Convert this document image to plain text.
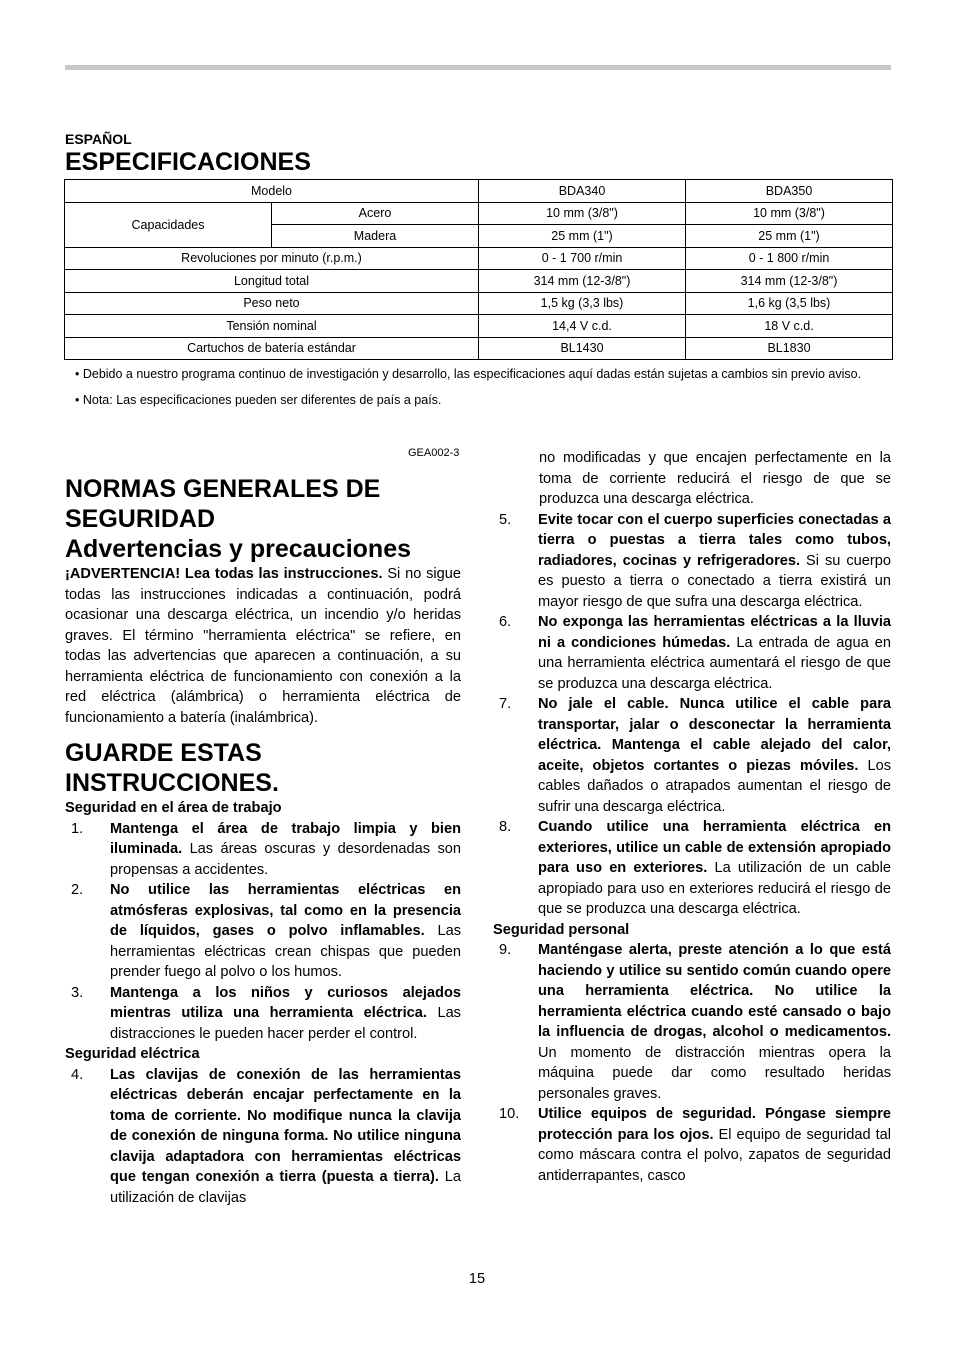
ESPAÑOL
ESPECIFICACIONES
Modelo		BDA340	BDA350
Capacidades	Acero	10 mm (3/8")	10 mm (3/8")
	Madera	25 mm (1")	25 mm (1")
Revoluciones por minuto (r.p.m.)		0 - 1 700 r/min	0 - 1 800 r/min
Longitud total		314 mm (12-3/8")	314 mm (12-3/8")
Peso neto		1,5 kg (3,3 lbs)	1,6 kg (3,5 lbs)
Tensión nominal		14,4 V c.d.	18 V c.d.
Cartuchos de batería estándar		BL1430	BL1830

• Debido a nuestro programa continuo de investigación y desarrollo, las especificaciones aquí dadas están sujetas a cambios sin previo aviso.

• Nota: Las especificaciones pueden ser diferentes de país a país.

GEA002-3
NORMAS GENERALES DE SEGURIDAD
Advertencias y precauciones

¡ADVERTENCIA! Lea todas las instrucciones. Si no sigue todas las instrucciones indicadas a continuación, podrá ocasionar una descarga eléctrica, un incendio y/o heridas graves. El término "herramienta eléctrica" se refiere, en todas las advertencias que aparecen a continuación, a su herramienta eléctrica de funcionamiento con conexión a la red eléctrica (alámbrica) o herramienta eléctrica de funcionamiento a batería (inalámbrica).

GUARDE ESTAS INSTRUCCIONES.

Seguridad en el área de trabajo

1.	Mantenga el área de trabajo limpia y bien iluminada. Las áreas oscuras y desordenadas son propensas a accidentes.

2.	No utilice las herramientas eléctricas en atmósferas explosivas, tal como en la presencia de líquidos, gases o polvo inflamables. Las herramientas eléctricas crean chispas que pueden prender fuego al polvo o los humos.

3.	Mantenga a los niños y curiosos alejados mientras utiliza una herramienta eléctrica. Las distracciones le pueden hacer perder el control.

Seguridad eléctrica

4.	Las clavijas de conexión de las herramientas eléctricas deberán encajar perfectamente en la toma de corriente. No modifique nunca la clavija de conexión de ninguna forma. No utilice ninguna clavija adaptadora con herramientas eléctricas que tengan conexión a tierra (puesta a tierra). La utilización de clavijas

no modificadas y que encajen perfectamente en la toma de corriente reducirá el riesgo de que se produzca una descarga eléctrica.

5.	Evite tocar con el cuerpo superficies conectadas a tierra o puestas a tierra tales como tubos, radiadores, cocinas y refrigeradores. Si su cuerpo es puesto a tierra o conectado a tierra existirá un mayor riesgo de que sufra una descarga eléctrica.

6.	No exponga las herramientas eléctricas a la lluvia ni a condiciones húmedas. La entrada de agua en una herramienta eléctrica aumentará el riesgo de que se produzca una descarga eléctrica.

7.	No jale el cable. Nunca utilice el cable para transportar, jalar o desconectar la herramienta eléctrica. Mantenga el cable alejado del calor, aceite, objetos cortantes o piezas móviles. Los cables dañados o atrapados aumentan el riesgo de sufrir una descarga eléctrica.

8.	Cuando utilice una herramienta eléctrica en exteriores, utilice un cable de extensión apropiado para uso en exteriores. La utilización de un cable apropiado para uso en exteriores reducirá el riesgo de que se produzca una descarga eléctrica.

Seguridad personal

9.	Manténgase alerta, preste atención a lo que está haciendo y utilice su sentido común cuando opere una herramienta eléctrica. No utilice la herramienta eléctrica cuando esté cansado o bajo la influencia de drogas, alcohol o medicamentos. Un momento de distracción mientras opera la máquina puede dar como resultado heridas personales graves.

10.	Utilice equipos de seguridad. Póngase siempre protección para los ojos. El equipo de seguridad tal como máscara contra el polvo, zapatos de seguridad antiderrapantes, casco

15
